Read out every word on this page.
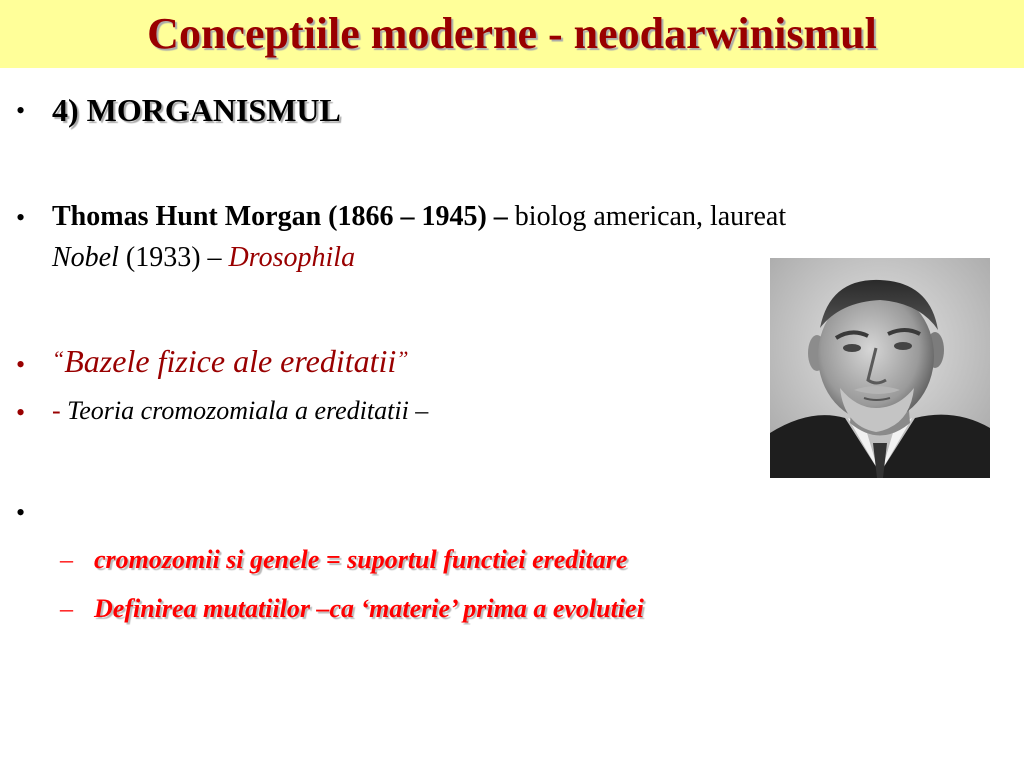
Conceptiile moderne - neodarwinismul
• 4) MORGANISMUL
• Thomas Hunt Morgan (1866 – 1945) – biolog american, laureat
Nobel (1933) – Drosophila
• “Bazele fizice ale ereditatii”
• - Teoria cromozomiala a ereditatii –
•
– cromozomii si genele = suportul functiei ereditare
– Definirea mutatiilor –ca ‘materie’ prima a evolutiei
